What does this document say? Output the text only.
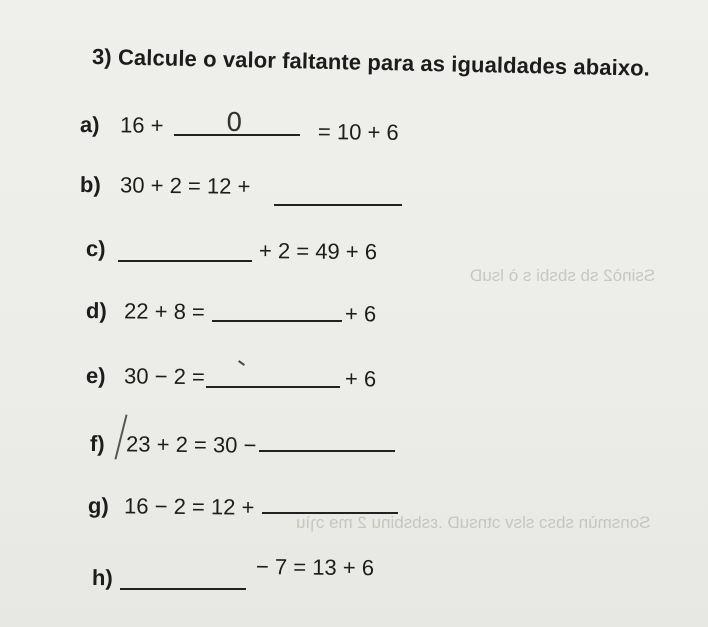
3) Calcule o valor faltante para as igualdades abaixo.
Ssinò2 sb sbsbi s ò lsuD
Sonsmùn sbsɔ slsv ɔtnsuD .ɛsbsbinu 2 mɘ ɔɿìu
a) 16 + 0	= 10 + 6
b) 30 + 2 = 12 +
c)	+ 2 = 49 + 6
d) 22 + 8 =	+ 6
e) 30 − 2 =	+ 6
f) 23 + 2 = 30 −
g) 16 − 2 = 12 +
h)	− 7 = 13 + 6
